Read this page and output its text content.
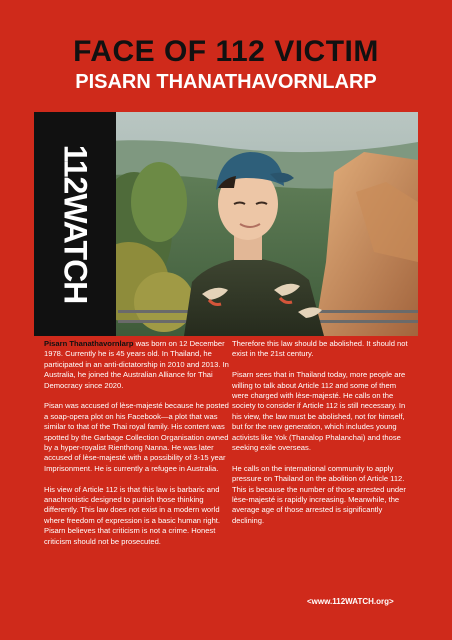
FACE OF 112 VICTIM
PISARN THANATHAVORNLARP
112WATCH

Pisarn Thanathavornlarp was born on 12 December 1978. Currently he is 45 years old. In Thailand, he participated in an anti-dictatorship in 2010 and 2013. In Australia, he joined the Australian Alliance for Thai Democracy since 2020.

Pisan was accused of lèse-majesté because he posted a soap-opera plot on his Facebook—a plot that was similar to that of the Thai royal family. His content was spotted by the Garbage Collection Organisation owned by a hyper-royalist Rienthong Nanna. He was later accused of lèse-majesté with a possibility of 3-15 year Imprisonment. He is currently a refugee in Australia.

His view of Article 112 is that this law is barbaric and anachronistic designed to punish those thinking differently. This law does not exist in a modern world where freedom of expression is a basic human right. Pisarn believes that criticism is not a crime. Honest criticism should not be prosecuted.

Therefore this law should be abolished. It should not exist in the 21st century.

Pisarn sees that in Thailand today, more people are willing to talk about Article 112 and some of them were charged with lèse-majesté. He calls on the society to consider if Article 112 is still necessary. In his view, the law must be abolished, not for himself, but for the new generation, which includes young activists like Yok (Thanalop Phalanchai) and those seeking exile overseas.

He calls on the international community to apply pressure on Thailand on the abolition of Article 112. This is because the number of those arrested under lèse-majesté is rapidly increasing. Meanwhile, the average age of those arrested is significantly declining.

<www.112WATCH.org>
